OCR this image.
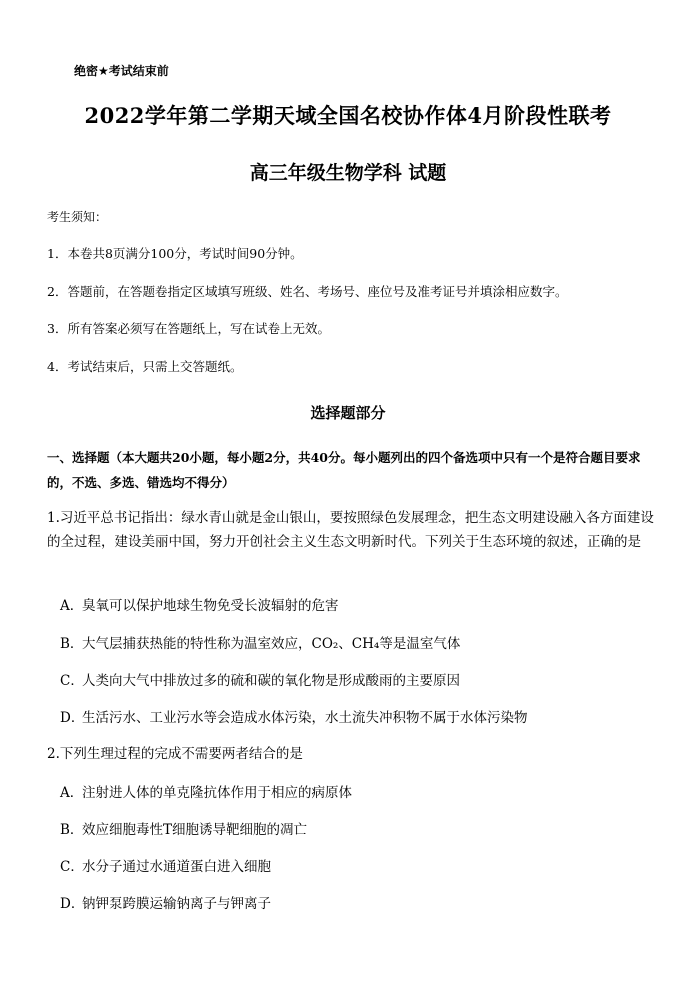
绝密★考试结束前
2022学年第二学期天域全国名校协作体4月阶段性联考
高三年级生物学科 试题
考生须知：
1．本卷共8页满分100分，考试时间90分钟。
2．答题前，在答题卷指定区域填写班级、姓名、考场号、座位号及准考证号并填涂相应数字。
3．所有答案必须写在答题纸上，写在试卷上无效。
4．考试结束后，只需上交答题纸。
选择题部分
一、选择题（本大题共20小题，每小题2分，共40分。每小题列出的四个备选项中只有一个是符合题目要求的，不选、多选、错选均不得分）
1.习近平总书记指出：绿水青山就是金山银山，要按照绿色发展理念，把生态文明建设融入各方面建设的全过程，建设美丽中国，努力开创社会主义生态文明新时代。下列关于生态环境的叙述，正确的是
A．臭氧可以保护地球生物免受长波辐射的危害
B．大气层捕获热能的特性称为温室效应，CO₂、CH₄等是温室气体
C．人类向大气中排放过多的硫和碳的氧化物是形成酸雨的主要原因
D．生活污水、工业污水等会造成水体污染，水土流失冲积物不属于水体污染物
2.下列生理过程的完成不需要两者结合的是
A．注射进人体的单克隆抗体作用于相应的病原体
B．效应细胞毒性T细胞诱导靶细胞的凋亡
C．水分子通过水通道蛋白进入细胞
D．钠钾泵跨膜运输钠离子与钾离子
